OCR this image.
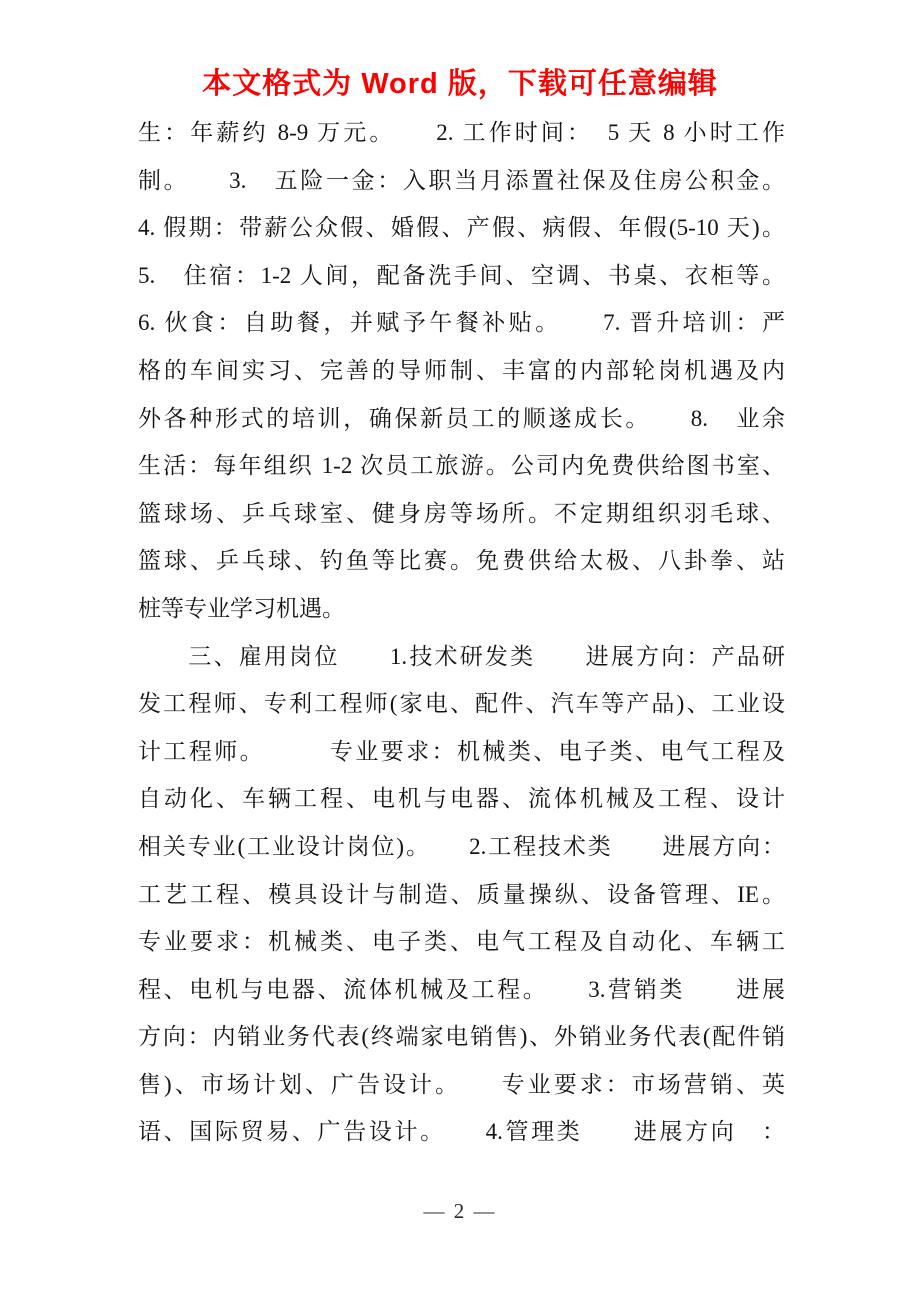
本文格式为 Word 版，下载可任意编辑
生：年薪约 8-9 万元。　　2. 工作时间：　5 天 8 小时工作
制。　　3.　五险一金：入职当月添置社保及住房公积金。
4. 假期：带薪公众假、婚假、产假、病假、年假(5-10 天)。
5.　住宿：1-2 人间，配备洗手间、空调、书桌、衣柜等。
6. 伙食：自助餐，并赋予午餐补贴。　　7. 晋升培训：严
格的车间实习、完善的导师制、丰富的内部轮岗机遇及内
外各种形式的培训，确保新员工的顺遂成长。　　8.　业余
生活：每年组织 1-2 次员工旅游。公司内免费供给图书室、
篮球场、乒乓球室、健身房等场所。不定期组织羽毛球、
篮球、乒乓球、钓鱼等比赛。免费供给太极、八卦拳、站
桩等专业学习机遇。
　　三、雇用岗位　　1.技术研发类　　进展方向：产品研
发工程师、专利工程师(家电、配件、汽车等产品)、工业设
计工程师。　　　专业要求：机械类、电子类、电气工程及
自动化、车辆工程、电机与电器、流体机械及工程、设计
相关专业(工业设计岗位)。　　2.工程技术类　　进展方向：
工艺工程、模具设计与制造、质量操纵、设备管理、IE。
专业要求：机械类、电子类、电气工程及自动化、车辆工
程、电机与电器、流体机械及工程。　　3.营销类　　进展
方向：内销业务代表(终端家电销售)、外销业务代表(配件销
售)、市场计划、广告设计。　　专业要求：市场营销、英
语、国际贸易、广告设计。　　4.管理类　　进展方向　：
— 2 —
